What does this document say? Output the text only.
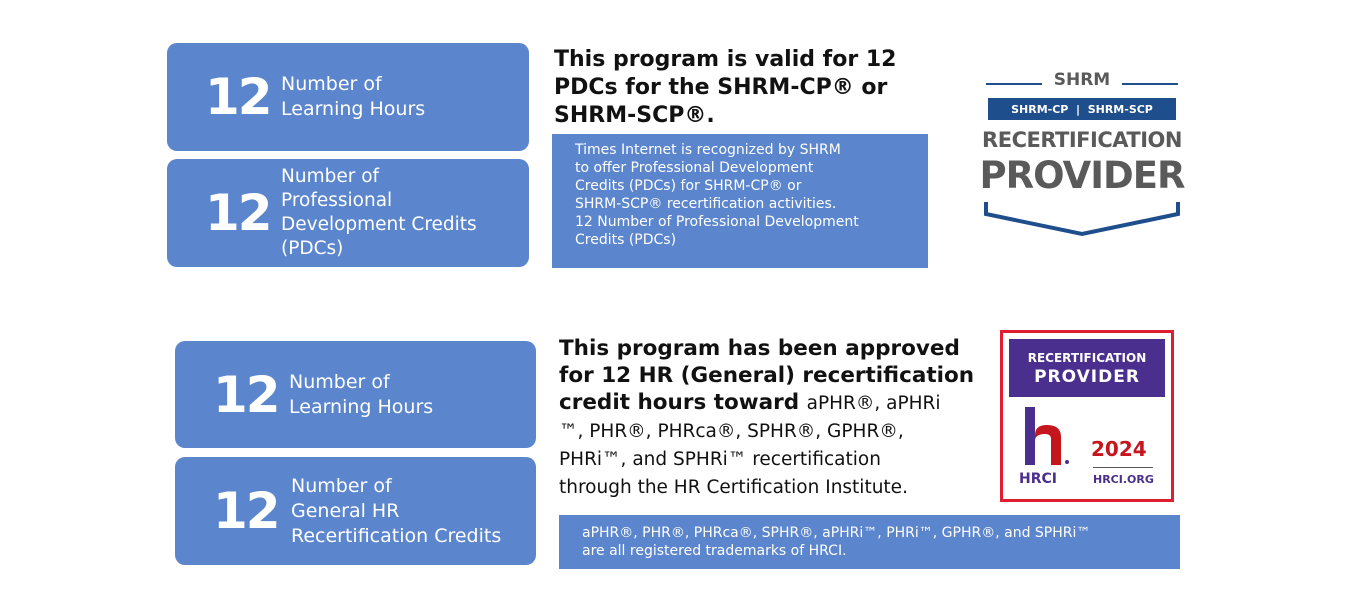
12 Number of
Learning Hours
12
Number of
Professional
Development Credits
(PDCs)
This program is valid for 12
PDCs for the SHRM-CP® or
SHRM-SCP®.
Times Internet is recognized by SHRM
to offer Professional Development
Credits (PDCs) for SHRM-CP® or
SHRM-SCP® recertification activities.
12 Number of Professional Development
Credits (PDCs)
SHRM
SHRM-CP  |  SHRM-SCP
RECERTIFICATION
PROVIDER
12 Number of
Learning Hours
12 Number of
General HR
Recertification Credits
This program has been approved
for 12 HR (General) recertification
credit hours toward aPHR®, aPHRi
™, PHR®, PHRca®, SPHR®, GPHR®,
PHRi™, and SPHRi™ recertification
through the HR Certification Institute.
aPHR®, PHR®, PHRca®, SPHR®, aPHRi™, PHRi™, GPHR®, and SPHRi™
are all registered trademarks of HRCI.
RECERTIFICATION
PROVIDER
HRCI
2024
HRCI.ORG
